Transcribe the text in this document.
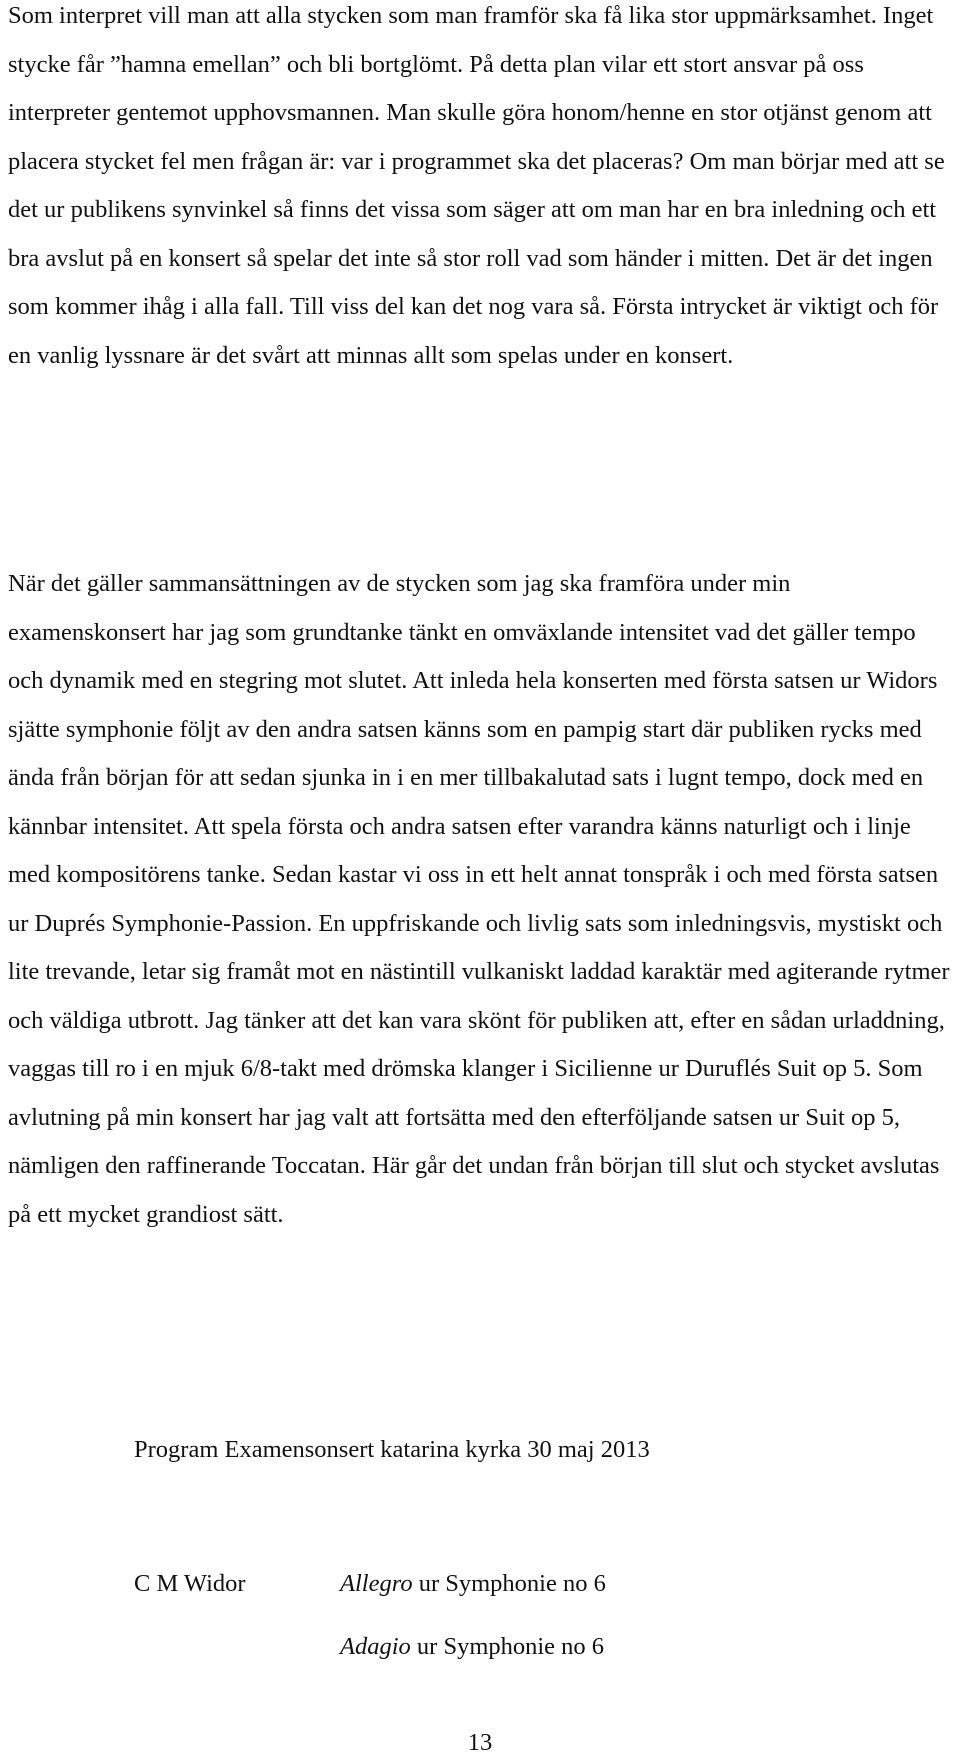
Som interpret vill man att alla stycken som man framför ska få lika stor uppmärksamhet. Inget stycke får ”hamna emellan” och bli bortglömt. På detta plan vilar ett stort ansvar på oss interpreter gentemot upphovsmannen. Man skulle göra honom/henne en stor otjänst genom att placera stycket fel men frågan är: var i programmet ska det placeras? Om man börjar med att se det ur publikens synvinkel så finns det vissa som säger att om man har en bra inledning och ett bra avslut på en konsert så spelar det inte så stor roll vad som händer i mitten. Det är det ingen som kommer ihåg i alla fall. Till viss del kan det nog vara så. Första intrycket är viktigt och för en vanlig lyssnare är det svårt att minnas allt som spelas under en konsert.

När det gäller sammansättningen av de stycken som jag ska framföra under min examenskonsert har jag som grundtanke tänkt en omväxlande intensitet vad det gäller tempo och dynamik med en stegring mot slutet. Att inleda hela konserten med första satsen ur Widors sjätte symphonie följt av den andra satsen känns som en pampig start där publiken rycks med ända från början för att sedan sjunka in i en mer tillbakalutad sats i lugnt tempo, dock med en kännbar intensitet. Att spela första och andra satsen efter varandra känns naturligt och i linje med kompositörens tanke. Sedan kastar vi oss in ett helt annat tonspråk i och med första satsen ur Duprés Symphonie-Passion. En uppfriskande och livlig sats som inledningsvis, mystiskt och lite trevande, letar sig framåt mot en nästintill vulkaniskt laddad karaktär med agiterande rytmer och väldiga utbrott. Jag tänker att det kan vara skönt för publiken att, efter en sådan urladdning, vaggas till ro i en mjuk 6/8-takt med drömska klanger i Sicilienne ur Duruflés Suit op 5. Som avlutning på min konsert har jag valt att fortsätta med den efterföljande satsen ur Suit op 5, nämligen den raffinerande Toccatan. Här går det undan från början till slut och stycket avslutas på ett mycket grandiost sätt.

Program Examensonsert katarina kyrka 30 maj 2013

C M Widor	Allegro ur Symphonie no 6
Adagio ur Symphonie no 6
13
